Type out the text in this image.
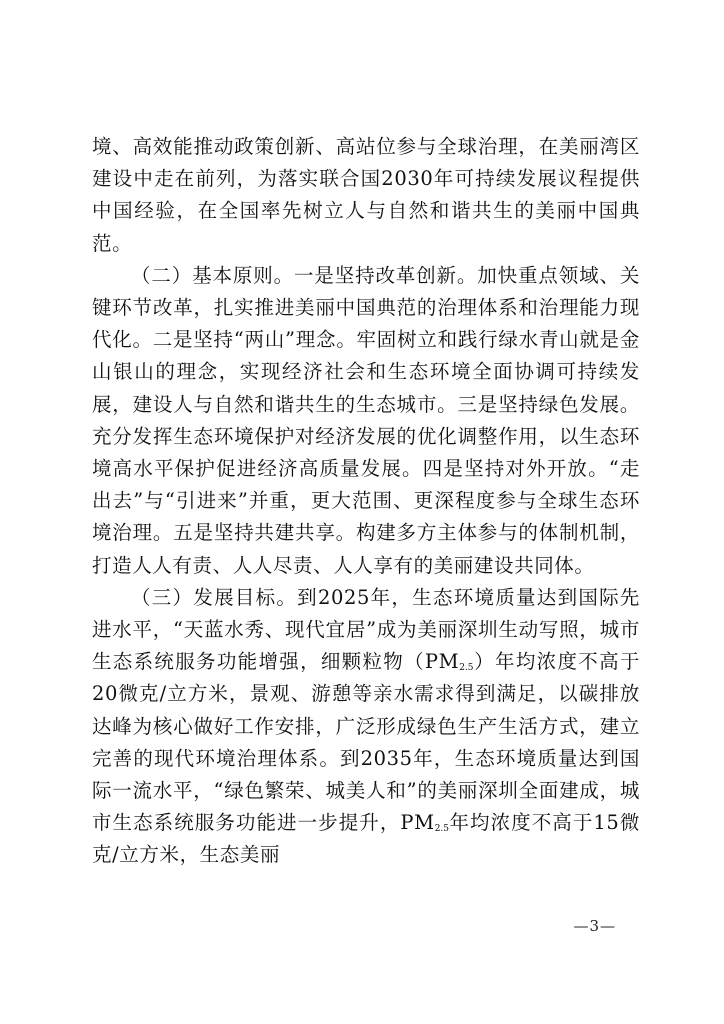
境、高效能推动政策创新、高站位参与全球治理，在美丽湾区建设中走在前列，为落实联合国2030年可持续发展议程提供中国经验，在全国率先树立人与自然和谐共生的美丽中国典范。

（二）基本原则。一是坚持改革创新。加快重点领域、关键环节改革，扎实推进美丽中国典范的治理体系和治理能力现代化。二是坚持“两山”理念。牢固树立和践行绿水青山就是金山银山的理念，实现经济社会和生态环境全面协调可持续发展，建设人与自然和谐共生的生态城市。三是坚持绿色发展。充分发挥生态环境保护对经济发展的优化调整作用，以生态环境高水平保护促进经济高质量发展。四是坚持对外开放。“走出去”与“引进来”并重，更大范围、更深程度参与全球生态环境治理。五是坚持共建共享。构建多方主体参与的体制机制，打造人人有责、人人尽责、人人享有的美丽建设共同体。

（三）发展目标。到2025年，生态环境质量达到国际先进水平，“天蓝水秀、现代宜居”成为美丽深圳生动写照，城市生态系统服务功能增强，细颗粒物$(PM_{2.5})$年均浓度不高于20微克/立方米，景观、游憩等亲水需求得到满足，以碳排放达峰为核心做好工作安排，广泛形成绿色生产生活方式，建立完善的现代环境治理体系。到2035年，生态环境质量达到国际一流水平，“绿色繁荣、城美人和”的美丽深圳全面建成，城市生态系统服务功能进一步提升，$PM_{2.5}$年均浓度不高于15微克/立方米，生态美丽

—3—
